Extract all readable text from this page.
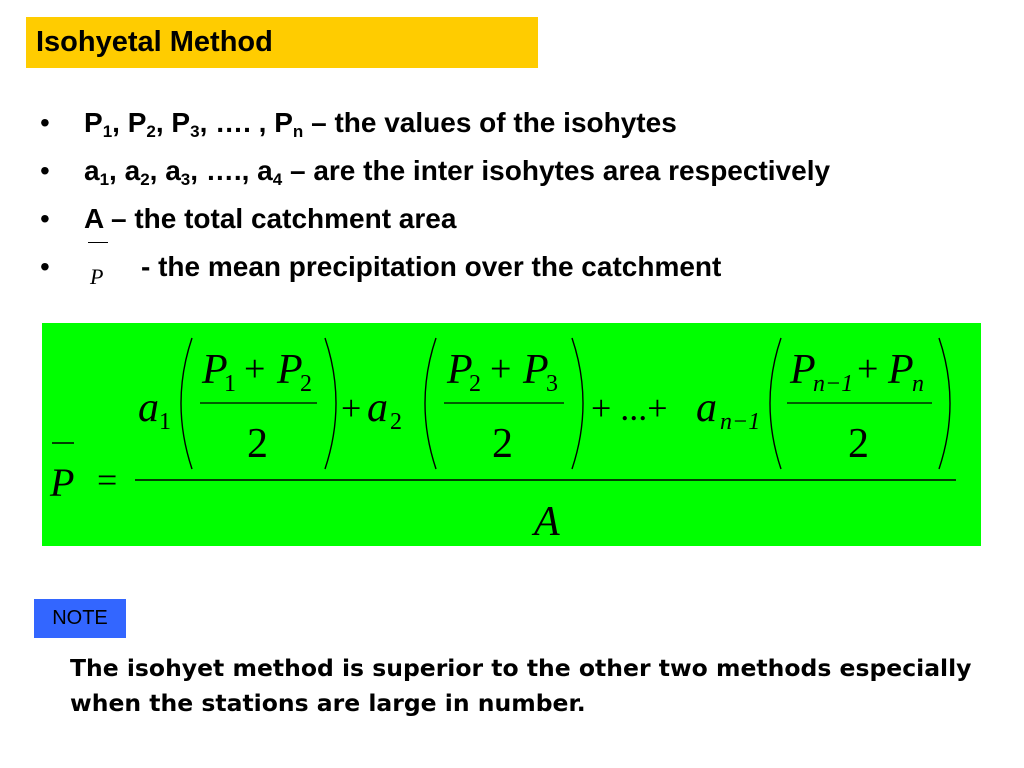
Isohyetal Method
• $P_1$, $P_2$, $P_3$, …. , $P_n$ – the values of the isohytes
• $a_1$, $a_2$, $a_3$, …., $a_4$ – are the inter isohytes area respectively
• A – the total catchment area
• P - the mean precipitation over the catchment
P =
a 1
P
1 + P
2
2
+ a 2
P
2 + P
3
2
+ ...+ a n−1
P
n−1 + P
n
2
A
NOTE
The isohyet method is superior to the other two methods especially when the stations are large in number.
